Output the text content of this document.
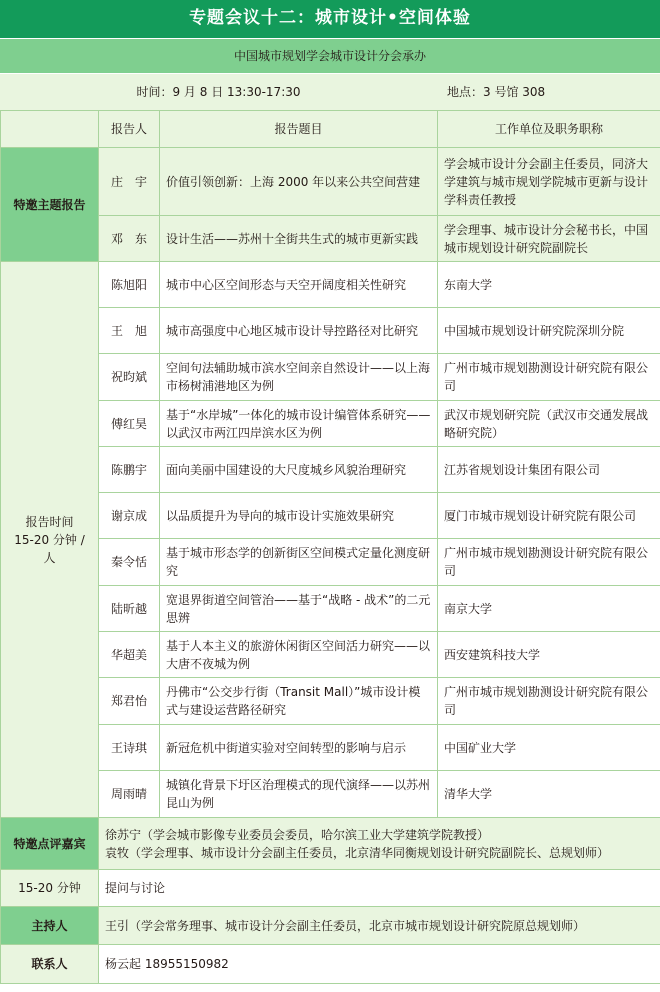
专题会议十二：城市设计•空间体验
中国城市规划学会城市设计分会承办
时间：9 月 8 日 13:30-17:30	地点：3 号馆 308
	报告人	报告题目	工作单位及职务职称
特邀主题报告	庄　宇	价值引领创新：上海 2000 年以来公共空间营建	学会城市设计分会副主任委员，同济大学建筑与城市规划学院城市更新与设计学科责任教授
	邓　东	设计生活——苏州十全街共生式的城市更新实践	学会理事、城市设计分会秘书长，中国城市规划设计研究院副院长

报告时间
15-20 分钟 / 人	陈旭阳	城市中心区空间形态与天空开阔度相关性研究	东南大学
	王　旭	城市高强度中心地区城市设计导控路径对比研究	中国城市规划设计研究院深圳分院
	祝昀斌	空间句法辅助城市滨水空间亲自然设计——以上海市杨树浦港地区为例	广州市城市规划勘测设计研究院有限公司
	傅红昊	基于“水岸城”一体化的城市设计编管体系研究——以武汉市两江四岸滨水区为例	武汉市规划研究院（武汉市交通发展战略研究院）
	陈鹏宇	面向美丽中国建设的大尺度城乡风貌治理研究	江苏省规划设计集团有限公司
	谢京成	以品质提升为导向的城市设计实施效果研究	厦门市城市规划设计研究院有限公司
	秦令恬	基于城市形态学的创新街区空间模式定量化测度研究	广州市城市规划勘测设计研究院有限公司
	陆昕越	宽退界街道空间管治——基于“战略 - 战术”的二元思辨	南京大学
	华超美	基于人本主义的旅游休闲街区空间活力研究——以大唐不夜城为例	西安建筑科技大学
	郑君怡	丹佛市“公交步行街（Transit Mall）”城市设计模式与建设运营路径研究	广州市城市规划勘测设计研究院有限公司
	王诗琪	新冠危机中街道实验对空间转型的影响与启示	中国矿业大学
	周雨晴	城镇化背景下圩区治理模式的现代演绎——以苏州昆山为例	清华大学
特邀点评嘉宾	徐苏宁（学会城市影像专业委员会委员，哈尔滨工业大学建筑学院教授）
袁牧（学会理事、城市设计分会副主任委员，北京清华同衡规划设计研究院副院长、总规划师）		

15-20 分钟	提问与讨论		
主持人	王引（学会常务理事、城市设计分会副主任委员，北京市城市规划设计研究院原总规划师）		
联系人	杨云起 18955150982		
